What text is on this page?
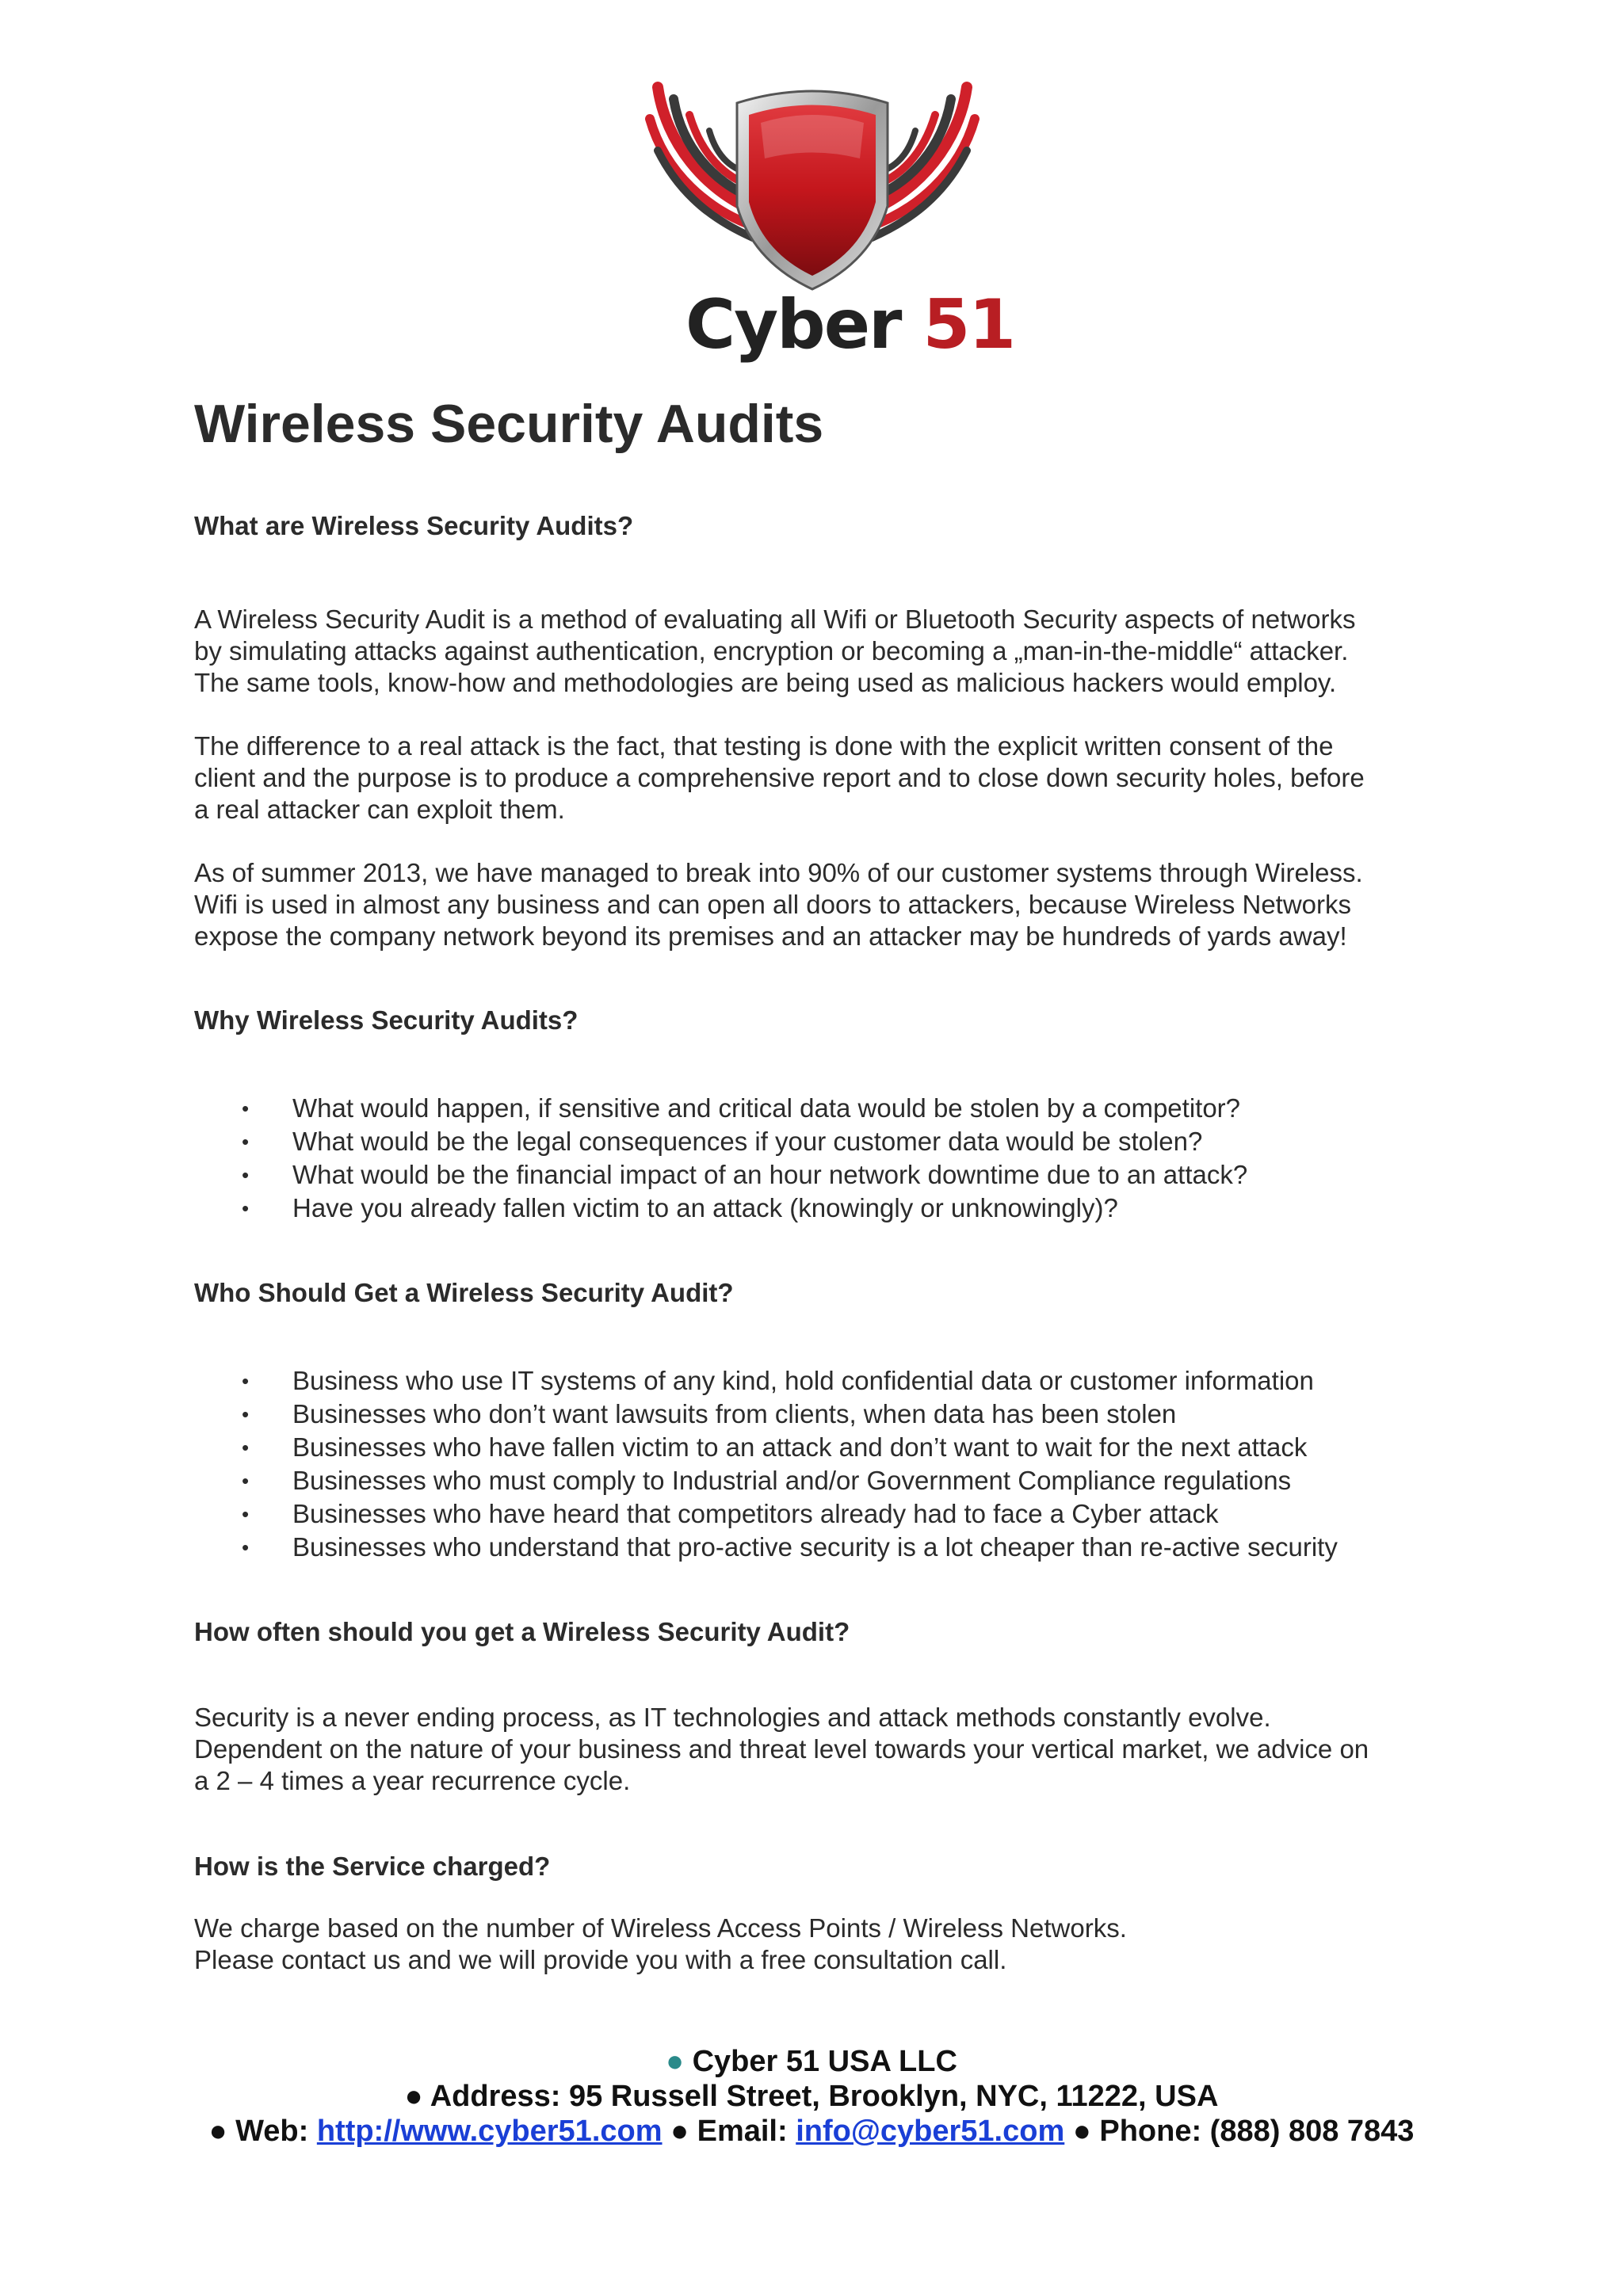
Cyber 51
Wireless Security Audits
What are Wireless Security Audits?

A Wireless Security Audit is a method of evaluating all Wifi or Bluetooth Security aspects of networks
by simulating attacks against authentication, encryption or becoming a „man-in-the-middle“ attacker.
The same tools, know-how and methodologies are being used as malicious hackers would employ.

The difference to a real attack is the fact, that testing is done with the explicit written consent of the
client and the purpose is to produce a comprehensive report and to close down security holes, before
a real attacker can exploit them.

As of summer 2013, we have managed to break into 90% of our customer systems through Wireless.
Wifi is used in almost any business and can open all doors to attackers, because Wireless Networks
expose the company network beyond its premises and an attacker may be hundreds of yards away!

Why Wireless Security Audits?
• What would happen, if sensitive and critical data would be stolen by a competitor?
• What would be the legal consequences if your customer data would be stolen?
• What would be the financial impact of an hour network downtime due to an attack?
• Have you already fallen victim to an attack (knowingly or unknowingly)?
Who Should Get a Wireless Security Audit?
• Business who use IT systems of any kind, hold confidential data or customer information
• Businesses who don’t want lawsuits from clients, when data has been stolen
• Businesses who have fallen victim to an attack and don’t want to wait for the next attack
• Businesses who must comply to Industrial and/or Government Compliance regulations
• Businesses who have heard that competitors already had to face a Cyber attack
• Businesses who understand that pro-active security is a lot cheaper than re-active security
How often should you get a Wireless Security Audit?

Security is a never ending process, as IT technologies and attack methods constantly evolve.
Dependent on the nature of your business and threat level towards your vertical market, we advice on
a 2 – 4 times a year recurrence cycle.

How is the Service charged?

We charge based on the number of Wireless Access Points / Wireless Networks.
Please contact us and we will provide you with a free consultation call.

● Cyber 51 USA LLC
● Address: 95 Russell Street, Brooklyn, NYC, 11222, USA
● Web: http://www.cyber51.com ● Email: info@cyber51.com ● Phone: (888) 808 7843
